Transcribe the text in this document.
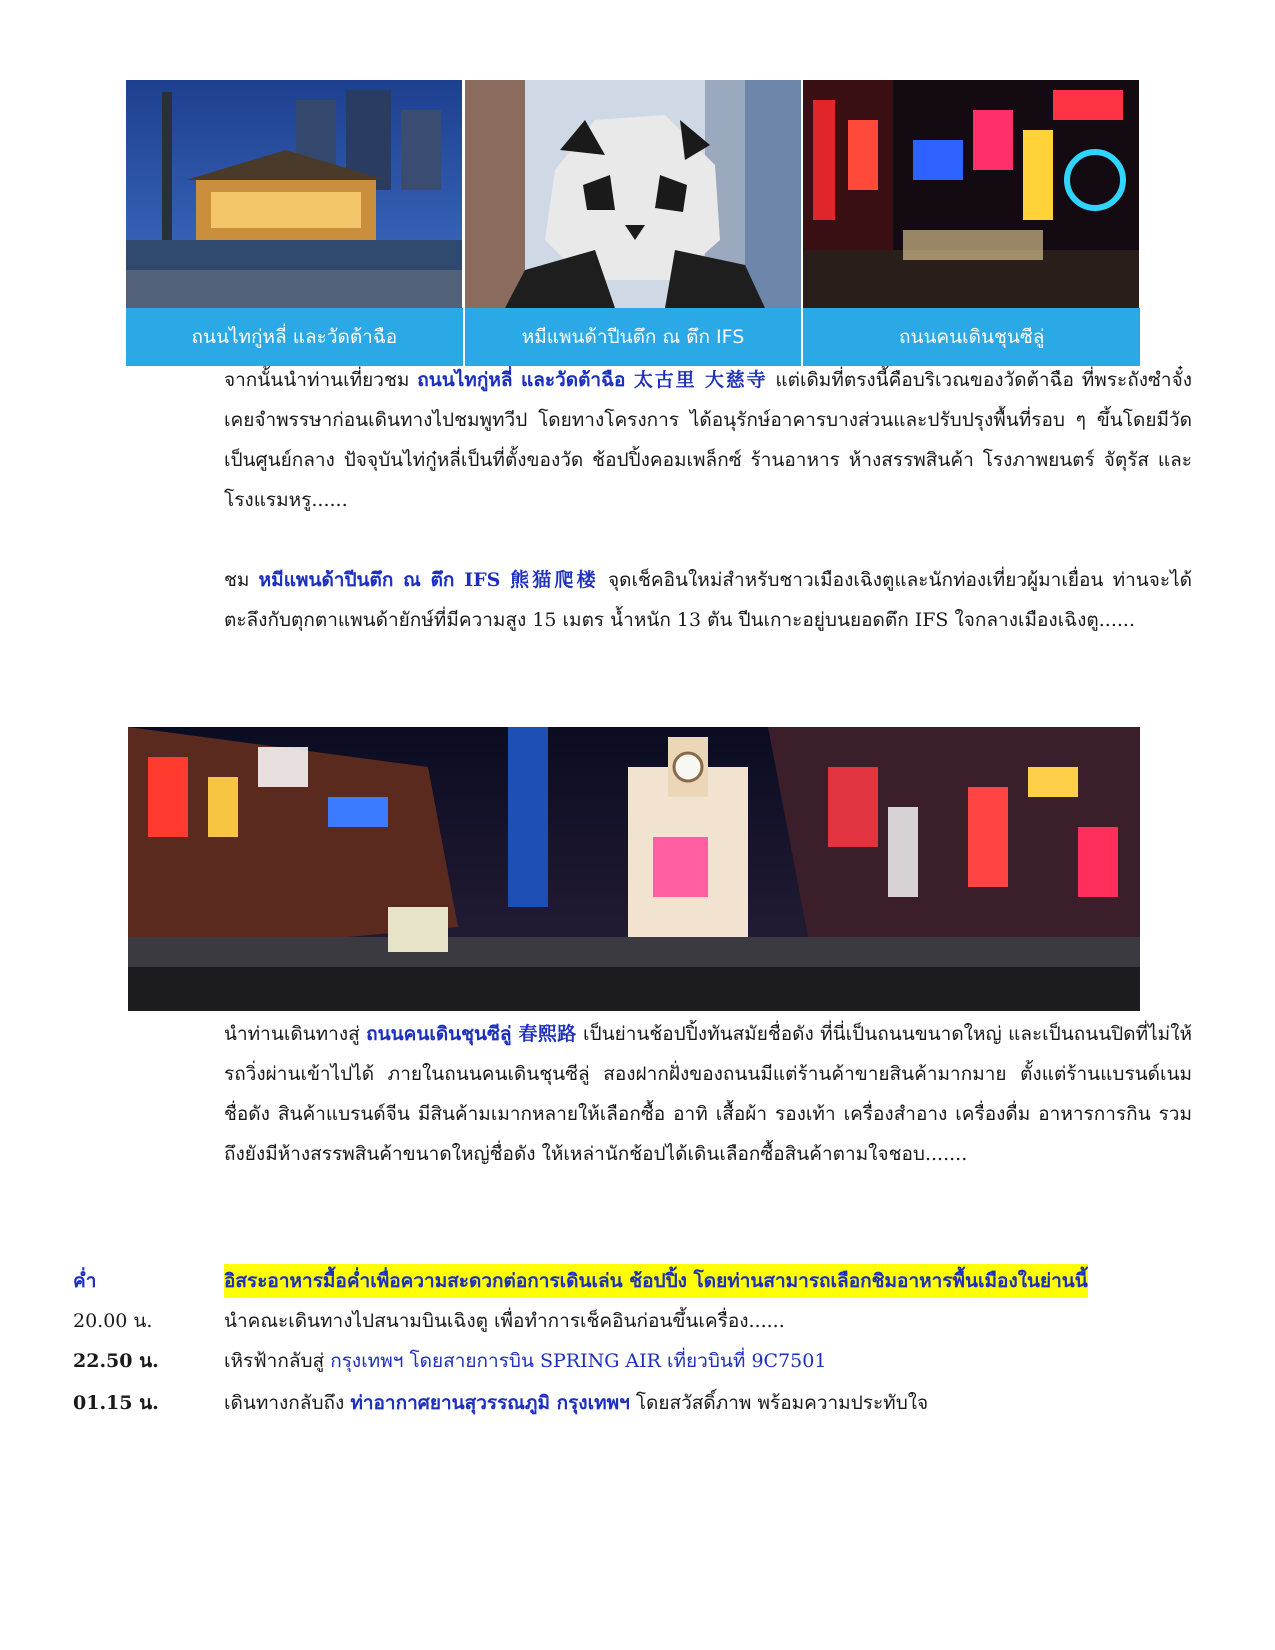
ถนนไทกู่หลี่ และวัดต้าฉือ	หมีแพนด้าปีนตึก ณ ตึก IFS	ถนนคนเดินชุนซีลู่
จากนั้นนำท่านเที่ยวชม ถนนไทกู่หลี่ และวัดต้าฉือ 太古里 大慈寺 แต่เดิมที่ตรงนี้คือบริเวณของวัดต้าฉือ ที่พระถังซำจั๋ง เคยจำพรรษาก่อนเดินทางไปชมพูทวีป โดยทางโครงการ ได้อนุรักษ์อาคารบางส่วนและปรับปรุงพื้นที่รอบ ๆ ขึ้นโดยมีวัดเป็นศูนย์กลาง ปัจจุบันไท่กู๋หลี่เป็นที่ตั้งของวัด ช้อปปิ้งคอมเพล็กซ์ ร้านอาหาร ห้างสรรพสินค้า โรงภาพยนตร์ จัตุรัส และโรงแรมหรู......
ชม หมีแพนด้าปีนตึก ณ ตึก IFS 熊猫爬楼 จุดเช็คอินใหม่สำหรับชาวเมืองเฉิงตูและนักท่องเที่ยวผู้มาเยื่อน ท่านจะได้ตะลึงกับตุกตาแพนด้ายักษ์ที่มีความสูง 15 เมตร น้ำหนัก 13 ตัน ปีนเกาะอยู่บนยอดตึก IFS ใจกลางเมืองเฉิงตู......
นำท่านเดินทางสู่ ถนนคนเดินชุนซีลู่ 春熙路 เป็นย่านช้อปปิ้งทันสมัยชื่อดัง ที่นี่เป็นถนนขนาดใหญ่ และเป็นถนนปิดที่ไม่ให้รถวิ่งผ่านเข้าไปได้ ภายในถนนคนเดินชุนซีลู่ สองฝากฝั่งของถนนมีแต่ร้านค้าขายสินค้ามากมาย ตั้งแต่ร้านแบรนด์เนมชื่อดัง สินค้าแบรนด์จีน มีสินค้ามเมากหลายให้เลือกซื้อ อาทิ เสื้อผ้า รองเท้า เครื่องสำอาง เครื่องดื่ม อาหารการกิน รวมถึงยังมีห้างสรรพสินค้าขนาดใหญ่ชื่อดัง ให้เหล่านักช้อปได้เดินเลือกซื้อสินค้าตามใจชอบ.......
ค่ำ	อิสระอาหารมื้อค่ำเพื่อความสะดวกต่อการเดินเล่น ช้อปปิ้ง โดยท่านสามารถเลือกชิมอาหารพื้นเมืองในย่านนี้
20.00 น.	นำคณะเดินทางไปสนามบินเฉิงตู เพื่อทำการเช็คอินก่อนขึ้นเครื่อง......
22.50 น.	เหิรฟ้ากลับสู่ กรุงเทพฯ โดยสายการบิน SPRING AIR เที่ยวบินที่ 9C7501
01.15 น.	เดินทางกลับถึง ท่าอากาศยานสุวรรณภูมิ กรุงเทพฯ โดยสวัสดิ์ภาพ พร้อมความประทับใจ
